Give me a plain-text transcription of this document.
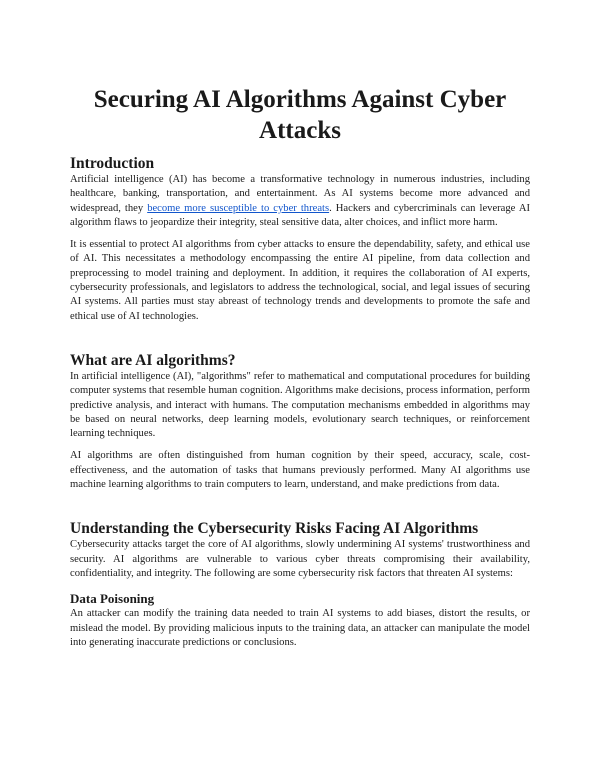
Securing AI Algorithms Against Cyber Attacks
Introduction

Artificial intelligence (AI) has become a transformative technology in numerous industries, including healthcare, banking, transportation, and entertainment. As AI systems become more advanced and widespread, they become more susceptible to cyber threats. Hackers and cybercriminals can leverage AI algorithm flaws to jeopardize their integrity, steal sensitive data, alter choices, and inflict more harm.

It is essential to protect AI algorithms from cyber attacks to ensure the dependability, safety, and ethical use of AI. This necessitates a methodology encompassing the entire AI pipeline, from data collection and preprocessing to model training and deployment. In addition, it requires the collaboration of AI experts, cybersecurity professionals, and legislators to address the technological, social, and legal issues of securing AI systems. All parties must stay abreast of technology trends and developments to promote the safe and ethical use of AI technologies.

What are AI algorithms?

In artificial intelligence (AI), "algorithms" refer to mathematical and computational procedures for building computer systems that resemble human cognition. Algorithms make decisions, process information, perform predictive analysis, and interact with humans. The computation mechanisms embedded in algorithms may be based on neural networks, deep learning models, evolutionary search techniques, or reinforcement learning techniques.

AI algorithms are often distinguished from human cognition by their speed, accuracy, scale, cost-effectiveness, and the automation of tasks that humans previously performed. Many AI algorithms use machine learning algorithms to train computers to learn, understand, and make predictions from data.

Understanding the Cybersecurity Risks Facing AI Algorithms

Cybersecurity attacks target the core of AI algorithms, slowly undermining AI systems' trustworthiness and security. AI algorithms are vulnerable to various cyber threats compromising their availability, confidentiality, and integrity. The following are some cybersecurity risk factors that threaten AI systems:

Data Poisoning

An attacker can modify the training data needed to train AI systems to add biases, distort the results, or mislead the model. By providing malicious inputs to the training data, an attacker can manipulate the model into generating inaccurate predictions or conclusions.
